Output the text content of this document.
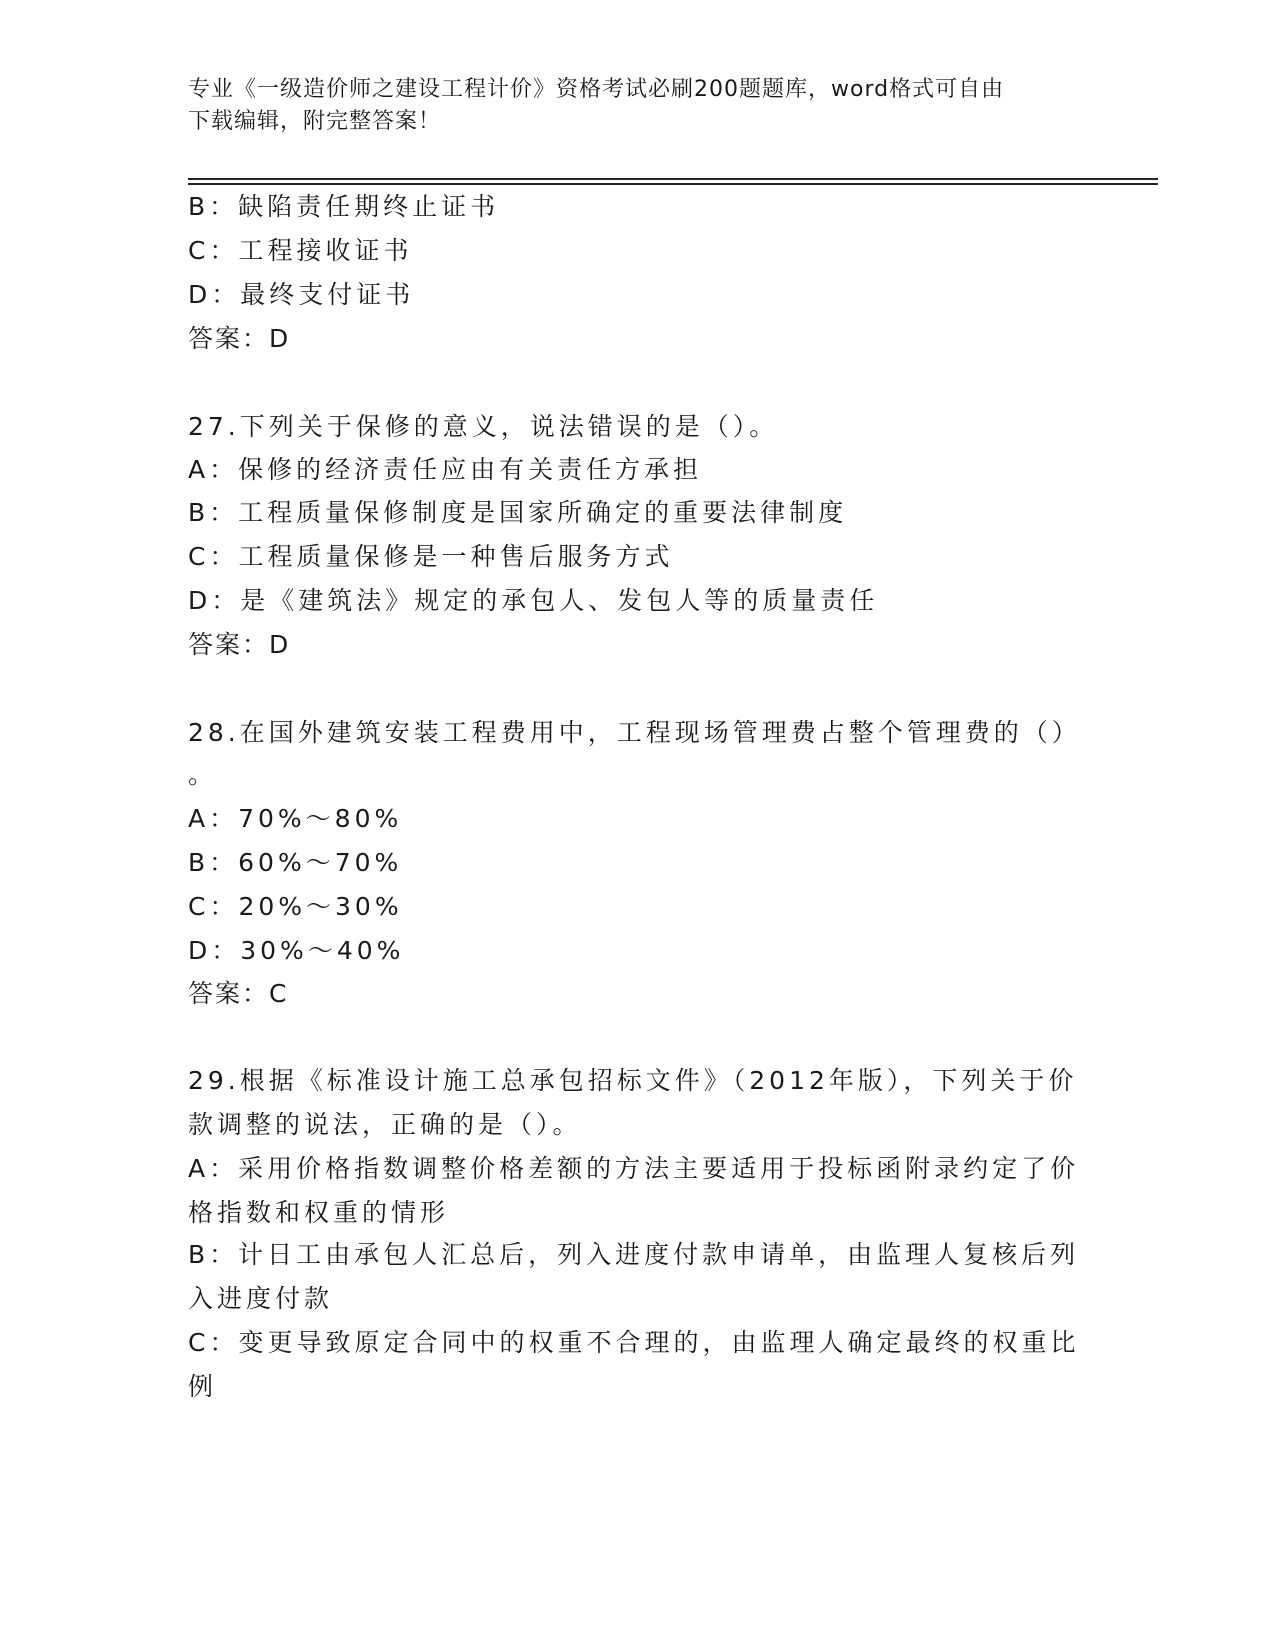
专业《一级造价师之建设工程计价》资格考试必刷200题题库，word格式可自由
下载编辑，附完整答案！
B：缺陷责任期终止证书
C：工程接收证书
D：最终支付证书
答案：D
27.下列关于保修的意义，说法错误的是（）。
A：保修的经济责任应由有关责任方承担
B：工程质量保修制度是国家所确定的重要法律制度
C：工程质量保修是一种售后服务方式
D：是《建筑法》规定的承包人、发包人等的质量责任
答案：D
28.在国外建筑安装工程费用中，工程现场管理费占整个管理费的（）
。
A：70%～80%
B：60%～70%
C：20%～30%
D：30%～40%
答案：C
29.根据《标准设计施工总承包招标文件》（2012年版），下列关于价
款调整的说法，正确的是（）。
A：采用价格指数调整价格差额的方法主要适用于投标函附录约定了价
格指数和权重的情形
B：计日工由承包人汇总后，列入进度付款申请单，由监理人复核后列
入进度付款
C：变更导致原定合同中的权重不合理的，由监理人确定最终的权重比
例
